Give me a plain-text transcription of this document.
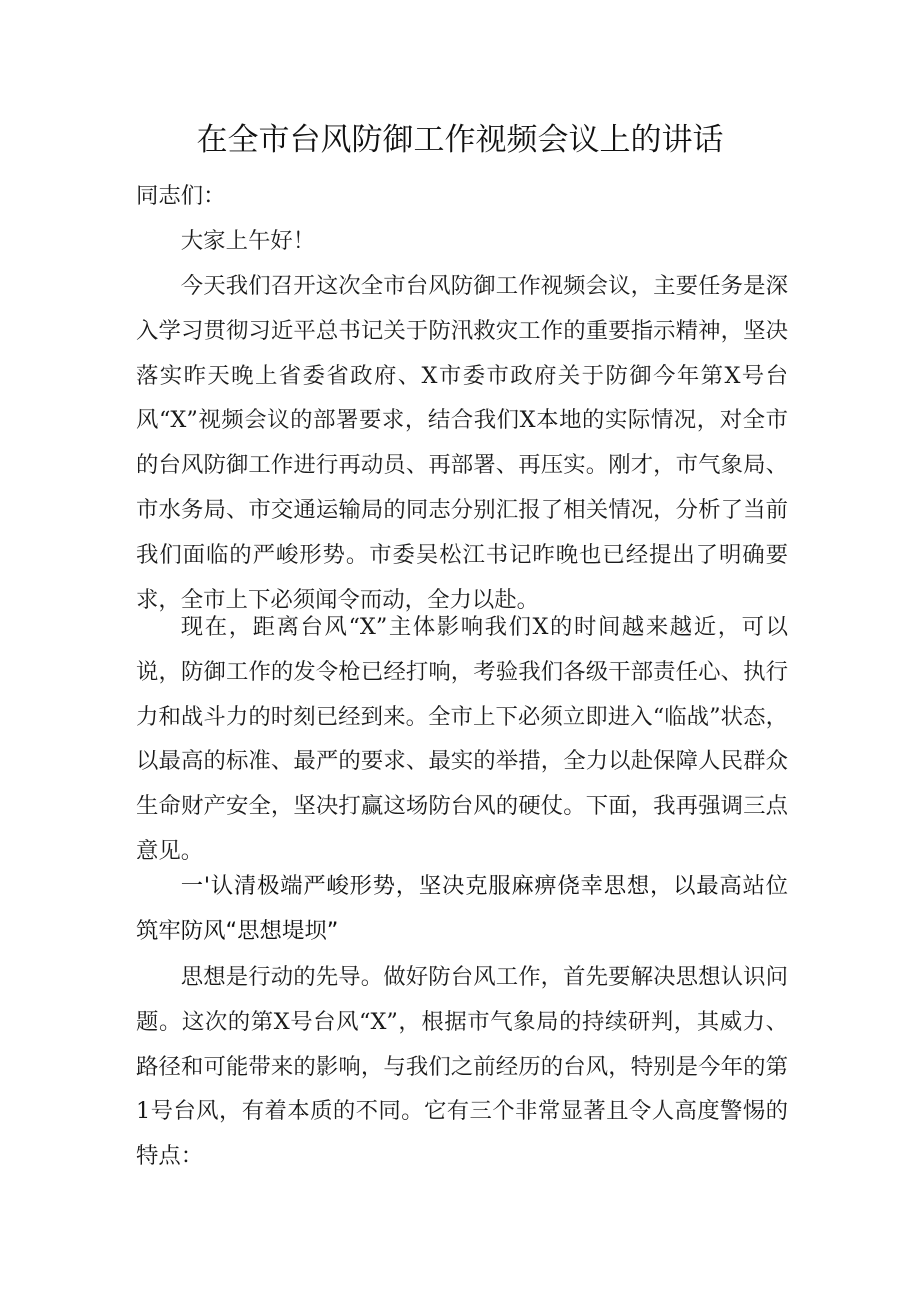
在全市台风防御工作视频会议上的讲话

同志们：

大家上午好！

今天我们召开这次全市台风防御工作视频会议，主要任务是深入学习贯彻习近平总书记关于防汛救灾工作的重要指示精神，坚决落实昨天晚上省委省政府、X市委市政府关于防御今年第X号台风“X”视频会议的部署要求，结合我们X本地的实际情况，对全市的台风防御工作进行再动员、再部署、再压实。刚才，市气象局、市水务局、市交通运输局的同志分别汇报了相关情况，分析了当前我们面临的严峻形势。市委吴松江书记昨晚也已经提出了明确要求，全市上下必须闻令而动，全力以赴。

现在，距离台风“X”主体影响我们X的时间越来越近，可以说，防御工作的发令枪已经打响，考验我们各级干部责任心、执行力和战斗力的时刻已经到来。全市上下必须立即进入“临战”状态，以最高的标准、最严的要求、最实的举措，全力以赴保障人民群众生命财产安全，坚决打赢这场防台风的硬仗。下面，我再强调三点意见。

一'认清极端严峻形势，坚决克服麻痹侥幸思想，以最高站位筑牢防风“思想堤坝”

思想是行动的先导。做好防台风工作，首先要解决思想认识问题。这次的第X号台风“X”，根据市气象局的持续研判，其威力、路径和可能带来的影响，与我们之前经历的台风，特别是今年的第1号台风，有着本质的不同。它有三个非常显著且令人高度警惕的特点：
